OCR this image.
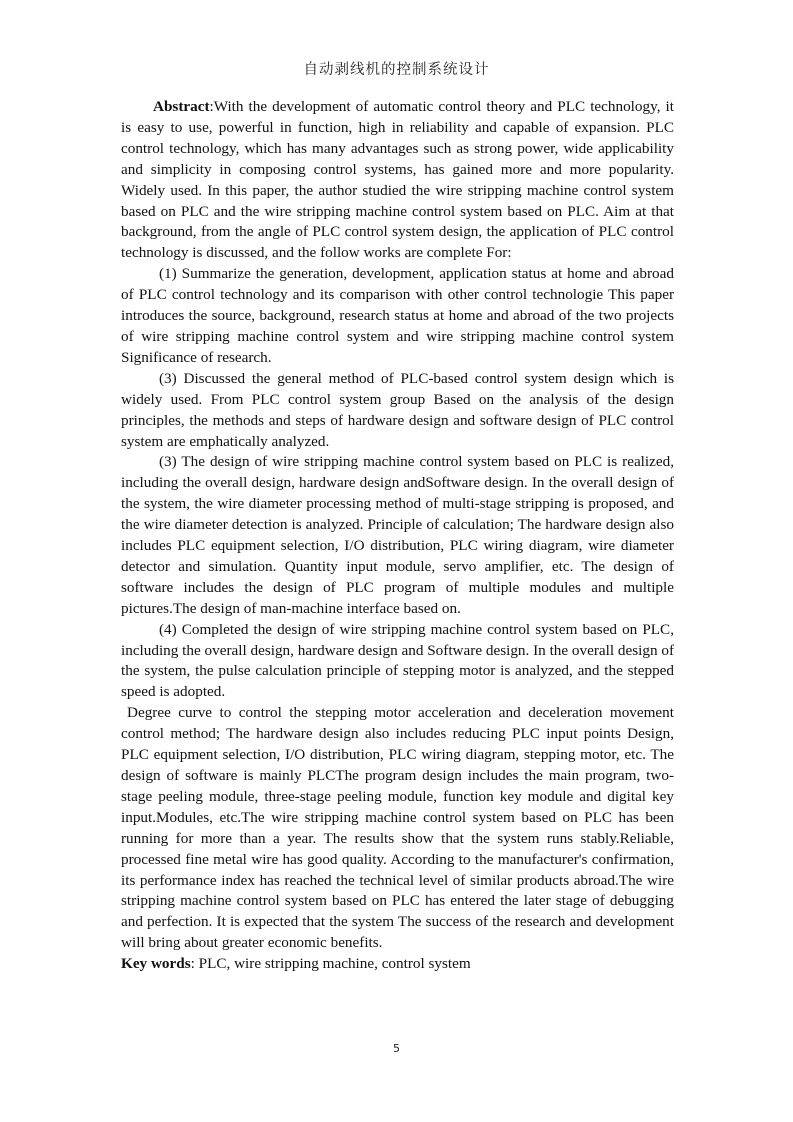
自动剥线机的控制系统设计

Abstract:With the development of automatic control theory and PLC technology, it is easy to use, powerful in function, high in reliability and capable of expansion. PLC control technology, which has many advantages such as strong power, wide applicability and simplicity in composing control systems, has gained more and more popularity. Widely used. In this paper, the author studied the wire stripping machine control system based on PLC and the wire stripping machine control system based on PLC. Aim at that background, from the angle of PLC control system design, the application of PLC control technology is discussed, and the follow works are complete For:

(1) Summarize the generation, development, application status at home and abroad of PLC control technology and its comparison with other control technologie This paper introduces the source, background, research status at home and abroad of the two projects of wire stripping machine control system and wire stripping machine control system Significance of research.

(3) Discussed the general method of PLC-based control system design which is widely used. From PLC control system group Based on the analysis of the design principles, the methods and steps of hardware design and software design of PLC control system are emphatically analyzed.

(3) The design of wire stripping machine control system based on PLC is realized, including the overall design, hardware design andSoftware design. In the overall design of the system, the wire diameter processing method of multi-stage stripping is proposed, and the wire diameter detection is analyzed. Principle of calculation; The hardware design also includes PLC equipment selection, I/O distribution, PLC wiring diagram, wire diameter detector and simulation. Quantity input module, servo amplifier, etc. The design of software includes the design of PLC program of multiple modules and multiple pictures.The design of man-machine interface based on.

(4) Completed the design of wire stripping machine control system based on PLC, including the overall design, hardware design and Software design. In the overall design of the system, the pulse calculation principle of stepping motor is analyzed, and the stepped speed is adopted.

Degree curve to control the stepping motor acceleration and deceleration movement control method; The hardware design also includes reducing PLC input points Design, PLC equipment selection, I/O distribution, PLC wiring diagram, stepping motor, etc. The design of software is mainly PLCThe program design includes the main program, two-stage peeling module, three-stage peeling module, function key module and digital key input.Modules, etc.The wire stripping machine control system based on PLC has been running for more than a year. The results show that the system runs stably.Reliable, processed fine metal wire has good quality. According to the manufacturer's confirmation, its performance index has reached the technical level of similar products abroad.The wire stripping machine control system based on PLC has entered the later stage of debugging and perfection. It is expected that the system The success of the research and development will bring about greater economic benefits.

Key words: PLC, wire stripping machine, control system

5
